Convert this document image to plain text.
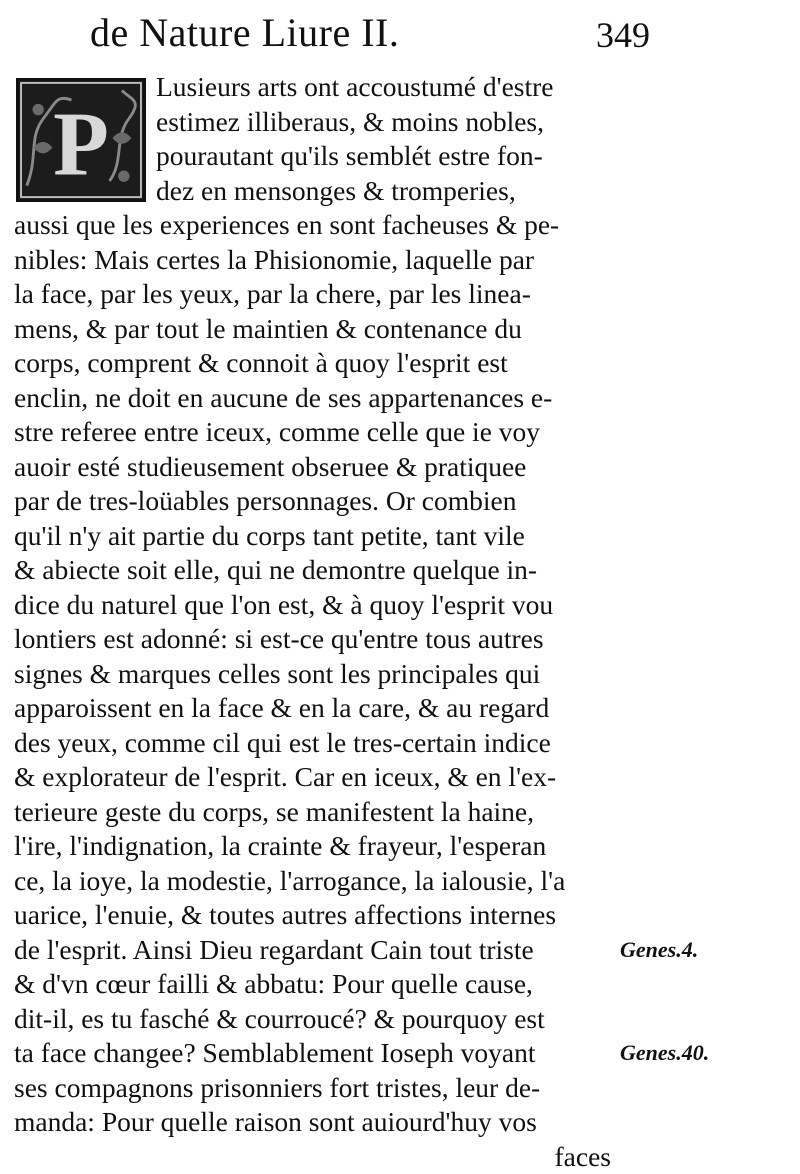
de Nature Liure II.	349
P
Lusieurs arts ont accoustumé d'estre
estimez illiberaus, & moins nobles,
pourautant qu'ils semblét estre fon-
dez en mensonges & tromperies,
aussi que les experiences en sont facheuses & pe-
nibles: Mais certes la Phisionomie, laquelle par
la face, par les yeux, par la chere, par les linea-
mens, & par tout le maintien & contenance du
corps, comprent & connoit à quoy l'esprit est
enclin, ne doit en aucune de ses appartenances e-
stre referee entre iceux, comme celle que ie voy
auoir esté studieusement obseruee & pratiquee
par de tres-loüables personnages. Or combien
qu'il n'y ait partie du corps tant petite, tant vile
& abiecte soit elle, qui ne demontre quelque in-
dice du naturel que l'on est, & à quoy l'esprit vou
lontiers est adonné: si est-ce qu'entre tous autres
signes & marques celles sont les principales qui
apparoissent en la face & en la care, & au regard
des yeux, comme cil qui est le tres-certain indice
& explorateur de l'esprit. Car en iceux, & en l'ex-
terieure geste du corps, se manifestent la haine,
l'ire, l'indignation, la crainte & frayeur, l'esperan
ce, la ioye, la modestie, l'arrogance, la ialousie, l'a
uarice, l'enuie, & toutes autres affections internes
de l'esprit. Ainsi Dieu regardant Cain tout triste
& d'vn cœur failli & abbatu: Pour quelle cause,
dit-il, es tu fasché & courroucé? & pourquoy est
ta face changee? Semblablement Ioseph voyant
ses compagnons prisonniers fort tristes, leur de-
manda: Pour quelle raison sont auiourd'huy vos
faces
Genes.4.
Genes.40.
